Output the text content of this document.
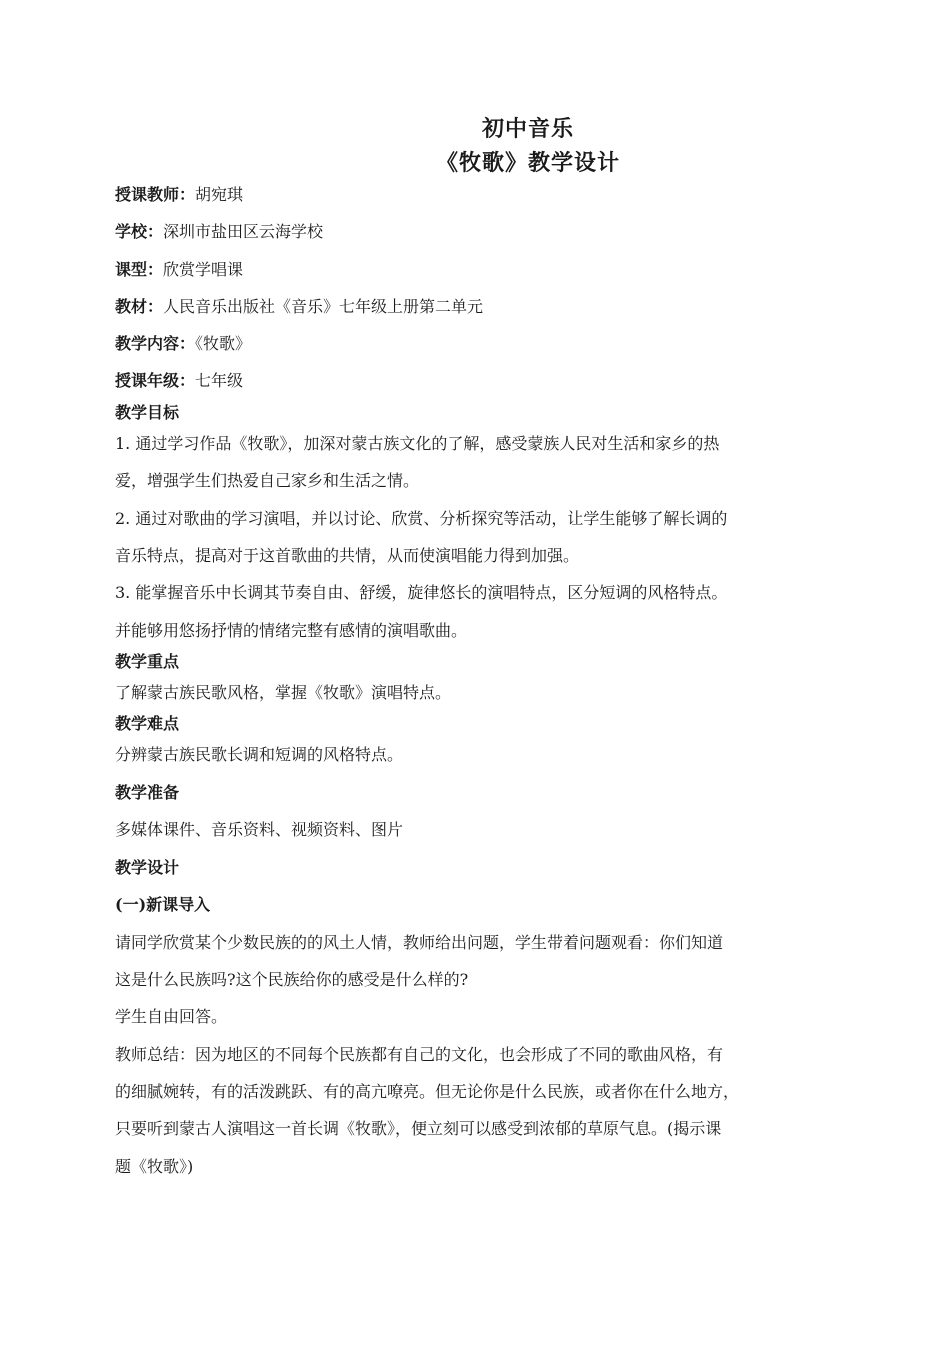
初中音乐
《牧歌》教学设计
授课教师：胡宛琪
学校：深圳市盐田区云海学校
课型：欣赏学唱课
教材：人民音乐出版社《音乐》七年级上册第二单元
教学内容：《牧歌》
授课年级：七年级
教学目标
1. 通过学习作品《牧歌》，加深对蒙古族文化的了解，感受蒙族人民对生活和家乡的热
爱，增强学生们热爱自己家乡和生活之情。
2. 通过对歌曲的学习演唱，并以讨论、欣赏、分析探究等活动，让学生能够了解长调的
音乐特点，提高对于这首歌曲的共情，从而使演唱能力得到加强。
3. 能掌握音乐中长调其节奏自由、舒缓，旋律悠长的演唱特点，区分短调的风格特点。
并能够用悠扬抒情的情绪完整有感情的演唱歌曲。
教学重点
了解蒙古族民歌风格，掌握《牧歌》演唱特点。
教学难点
分辨蒙古族民歌长调和短调的风格特点。
教学准备
多媒体课件、音乐资料、视频资料、图片
教学设计
(一)新课导入
请同学欣赏某个少数民族的的风土人情，教师给出问题，学生带着问题观看：你们知道
这是什么民族吗?这个民族给你的感受是什么样的?
学生自由回答。
教师总结：因为地区的不同每个民族都有自己的文化，也会形成了不同的歌曲风格，有
的细腻婉转，有的活泼跳跃、有的高亢嘹亮。但无论你是什么民族，或者你在什么地方，
只要听到蒙古人演唱这一首长调《牧歌》，便立刻可以感受到浓郁的草原气息。(揭示课
题《牧歌》)
